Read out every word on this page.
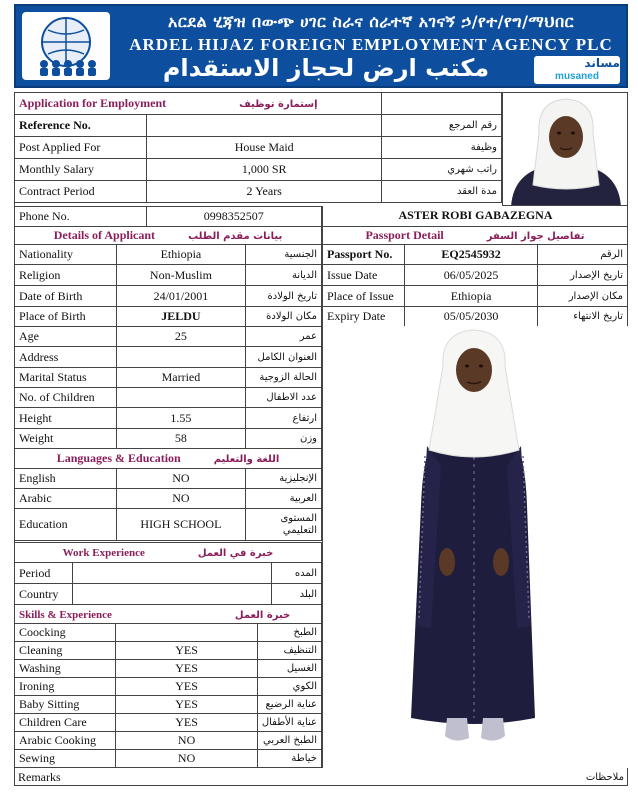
አርደል ሂጃዝ በውጭ ሀገር ስራና ሰራተኛ አገናኝ ኃ/የተ/የግ/ማህበር
ARDEL HIJAZ FOREIGN EMPLOYMENT AGENCY PLC
مكتب ارض لحجاز الاستقدام	مساند
musaned
Application for Employment إستمارة توظيف		
Reference No.		رقم المرجع
Post Applied For	House Maid	وظيفة
Monthly Salary	1,000 SR	راتب شهري
Contract Period	2 Years	مدة العقد
Phone No.	0998352507	ASTER ROBI GABAZEGNA
Details of Applicant بيانات مقدم الطلب		
Nationality	Ethiopia	الجنسية
Religion	Non-Muslim	الديانة
Date of Birth	24/01/2001	تاريخ الولادة
Place of Birth	JELDU	مكان الولادة
Age	25	عمر
Address		العنوان الكامل
Marital Status	Married	الحالة الزوجية
No. of Children		عدد الاطفال
Height	1.55	ارتفاع
Weight	58	وزن
Passport Detail تفاصيل جواز السفر		
Passport No.	EQ2545932	الرقم
Issue Date	06/05/2025	تاريخ الإصدار
Place of Issue	Ethiopia	مكان الإصدار
Expiry Date	05/05/2030	تاريخ الانتهاء
Languages & Education اللغة والتعليم		
English	NO	الإنجليزية
Arabic	NO	العربية
Education	HIGH SCHOOL	المستوى التعليمي
Work Experience خبرة في العمل		
Period		المده
Country		البلد
Skills & Experience خبرة العمل		
Coocking		الطبخ
Cleaning	YES	التنظيف
Washing	YES	الغسيل
Ironing	YES	الكوي
Baby Sitting	YES	عناية الرضيع
Children Care	YES	عناية الأطفال
Arabic Cooking	NO	الطبخ العربي
Sewing	NO	خياطة
Remarks	ملاحظات
